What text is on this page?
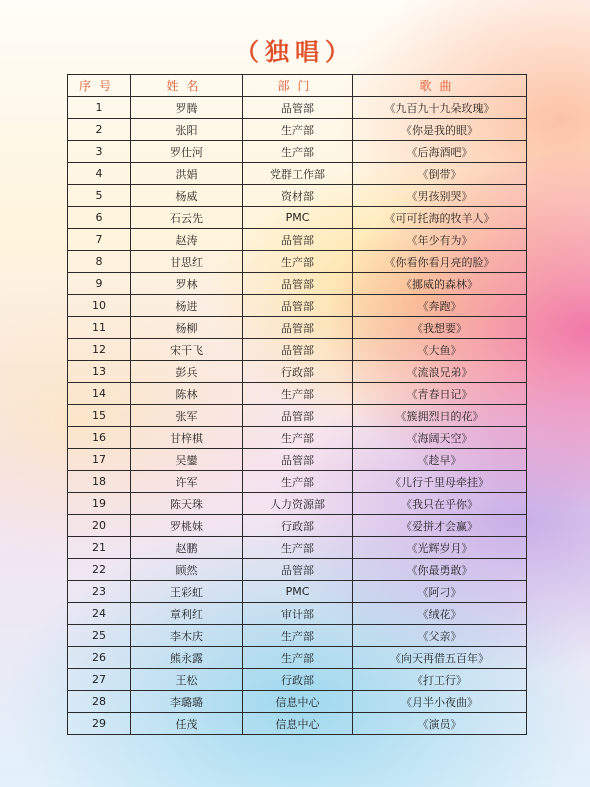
（独唱）
序号	姓名	部门	歌曲
1	罗腾	品管部	《九百九十九朵玫瑰》
2	张阳	生产部	《你是我的眼》
3	罗仕河	生产部	《后海酒吧》
4	洪娟	党群工作部	《倒带》
5	杨威	资材部	《男孩别哭》
6	石云先	PMC	《可可托海的牧羊人》
7	赵涛	品管部	《年少有为》
8	甘思红	生产部	《你看你看月亮的脸》
9	罗林	品管部	《挪威的森林》
10	杨进	品管部	《奔跑》
11	杨柳	品管部	《我想要》
12	宋干飞	品管部	《大鱼》
13	彭兵	行政部	《流浪兄弟》
14	陈林	生产部	《青春日记》
15	张军	品管部	《簇拥烈日的花》
16	甘梓棋	生产部	《海阔天空》
17	吴鑾	品管部	《趁早》
18	许军	生产部	《儿行千里母牵挂》
19	陈天珠	人力资源部	《我只在乎你》
20	罗桃妹	行政部	《爱拼才会赢》
21	赵鹏	生产部	《光辉岁月》
22	顾然	品管部	《你最勇敢》
23	王彩虹	PMC	《阿刁》
24	章利红	审计部	《绒花》
25	李木庆	生产部	《父亲》
26	熊永露	生产部	《向天再借五百年》
27	王松	行政部	《打工行》
28	李璐璐	信息中心	《月半小夜曲》
29	任茂	信息中心	《演员》
